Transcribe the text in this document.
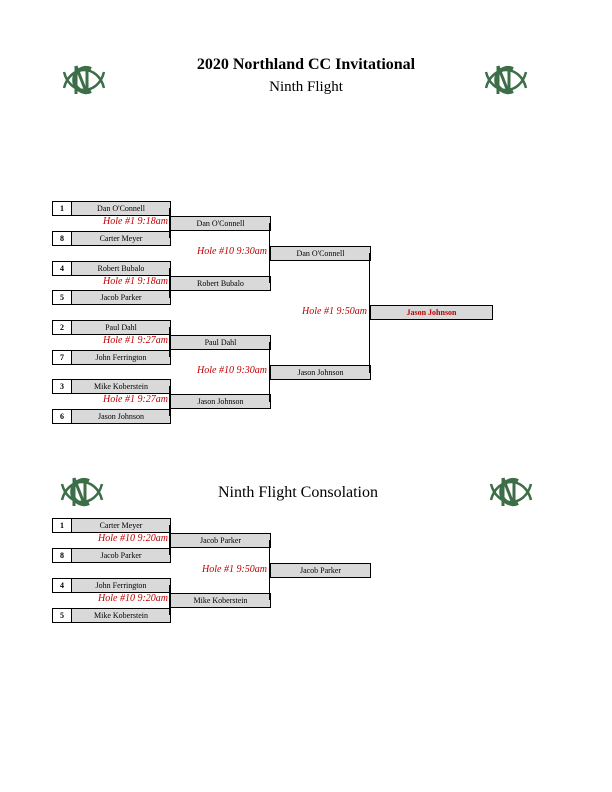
2020 Northland CC Invitational
Ninth Flight
1
8
4
5
2
7
3
6
Dan O'Connell
Carter Meyer
Robert Bubalo
Jacob Parker
Paul Dahl
John Ferrington
Mike Koberstein
Jason Johnson
Hole #1 9:18am
Hole #1 9:18am
Hole #1 9:27am
Hole #1 9:27am
Dan O'Connell
Robert Bubalo
Paul Dahl
Jason Johnson
Hole #10 9:30am
Hole #10 9:30am
Dan O'Connell
Jason Johnson
Hole #1 9:50am	Jason Johnson
Ninth Flight Consolation
1
8
4
5
Carter Meyer
Jacob Parker
John Ferrington
Mike Koberstein
Hole #10 9:20am
Hole #10 9:20am
Jacob Parker
Mike Koberstein
Hole #1 9:50am	Jacob Parker
